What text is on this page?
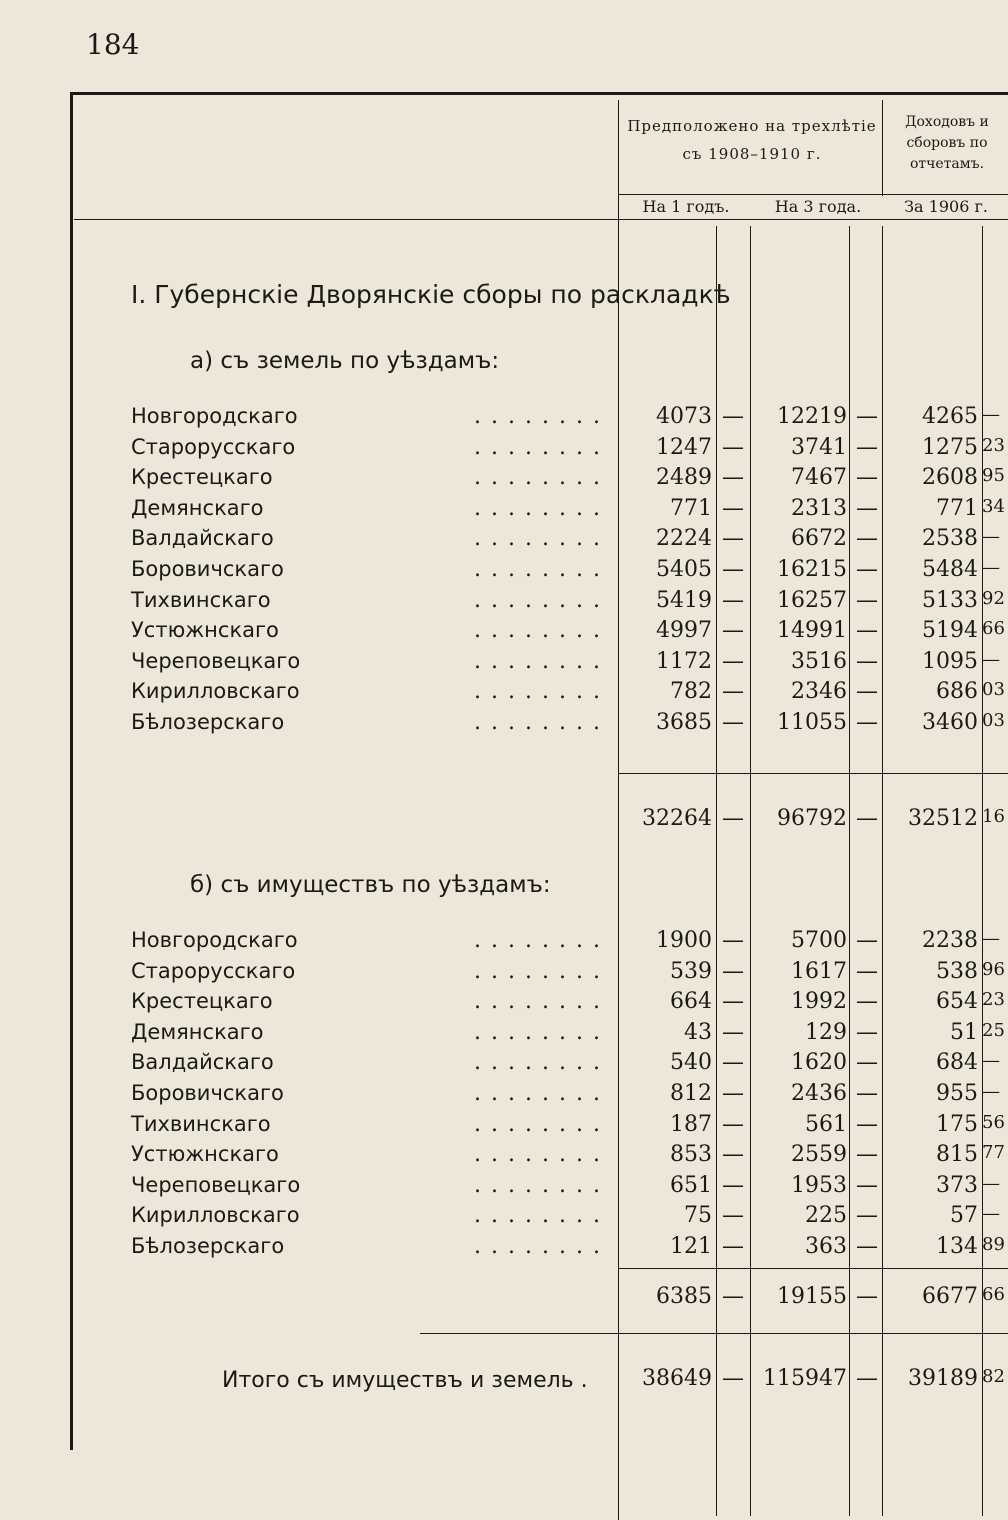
184
Предположено на трехлѣтіе съ 1908–1910 г.
Доходовъ и сборовъ по отчетамъ.
На 1 годъ.	На 3 года.	За 1906 г.
I. Губернскіе Дворянскіе сборы по раскладкѣ
а) съ земель по уѣздамъ:
б) съ имуществъ по уѣздамъ:
Новгородскаго	........	4073 —	12219 —	4265 —
Старорусскаго	........	1247 —	3741 —	1275 23
Крестецкаго	........	2489 —	7467 —	2608 95
Демянскаго	........	771 —	2313 —	771 34
Валдайскаго	........	2224 —	6672 —	2538 —
Боровичскаго	........	5405 —	16215 —	5484 —
Тихвинскаго	........	5419 —	16257 —	5133 92
Устюжнскаго	........	4997 —	14991 —	5194 66
Череповецкаго	........	1172 —	3516 —	1095 —
Кирилловскаго	........	782 —	2346 —	686 03
Бѣлозерскаго	........	3685 —	11055 —	3460 03
32264 —	96792 —	32512 16
Новгородскаго	........	1900 —	5700 —	2238 —
Старорусскаго	........	539 —	1617 —	538 96
Крестецкаго	........	664 —	1992 —	654 23
Демянскаго	........	43 —	129 —	51 25
Валдайскаго	........	540 —	1620 —	684 —
Боровичскаго	........	812 —	2436 —	955 —
Тихвинскаго	........	187 —	561 —	175 56
Устюжнскаго	........	853 —	2559 —	815 77
Череповецкаго	........	651 —	1953 —	373 —
Кирилловскаго	........	75 —	225 —	57 —
Бѣлозерскаго	........	121 —	363 —	134 89
6385 —	19155 —	6677 66
Итого съ имуществъ и земель .	38649 — 115947 —	39189 82
